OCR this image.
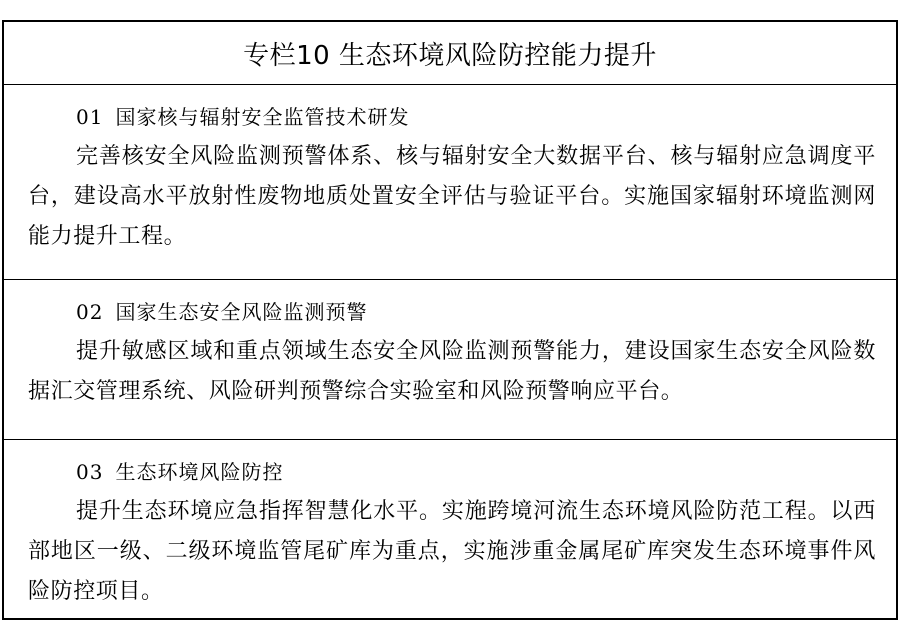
专栏10 生态环境风险防控能力提升
01 国家核与辐射安全监管技术研发
完善核安全风险监测预警体系、核与辐射安全大数据平台、核与辐射应急调度平台，建设高水平放射性废物地质处置安全评估与验证平台。实施国家辐射环境监测网能力提升工程。
02 国家生态安全风险监测预警
提升敏感区域和重点领域生态安全风险监测预警能力，建设国家生态安全风险数据汇交管理系统、风险研判预警综合实验室和风险预警响应平台。
03 生态环境风险防控
提升生态环境应急指挥智慧化水平。实施跨境河流生态环境风险防范工程。以西部地区一级、二级环境监管尾矿库为重点，实施涉重金属尾矿库突发生态环境事件风险防控项目。
